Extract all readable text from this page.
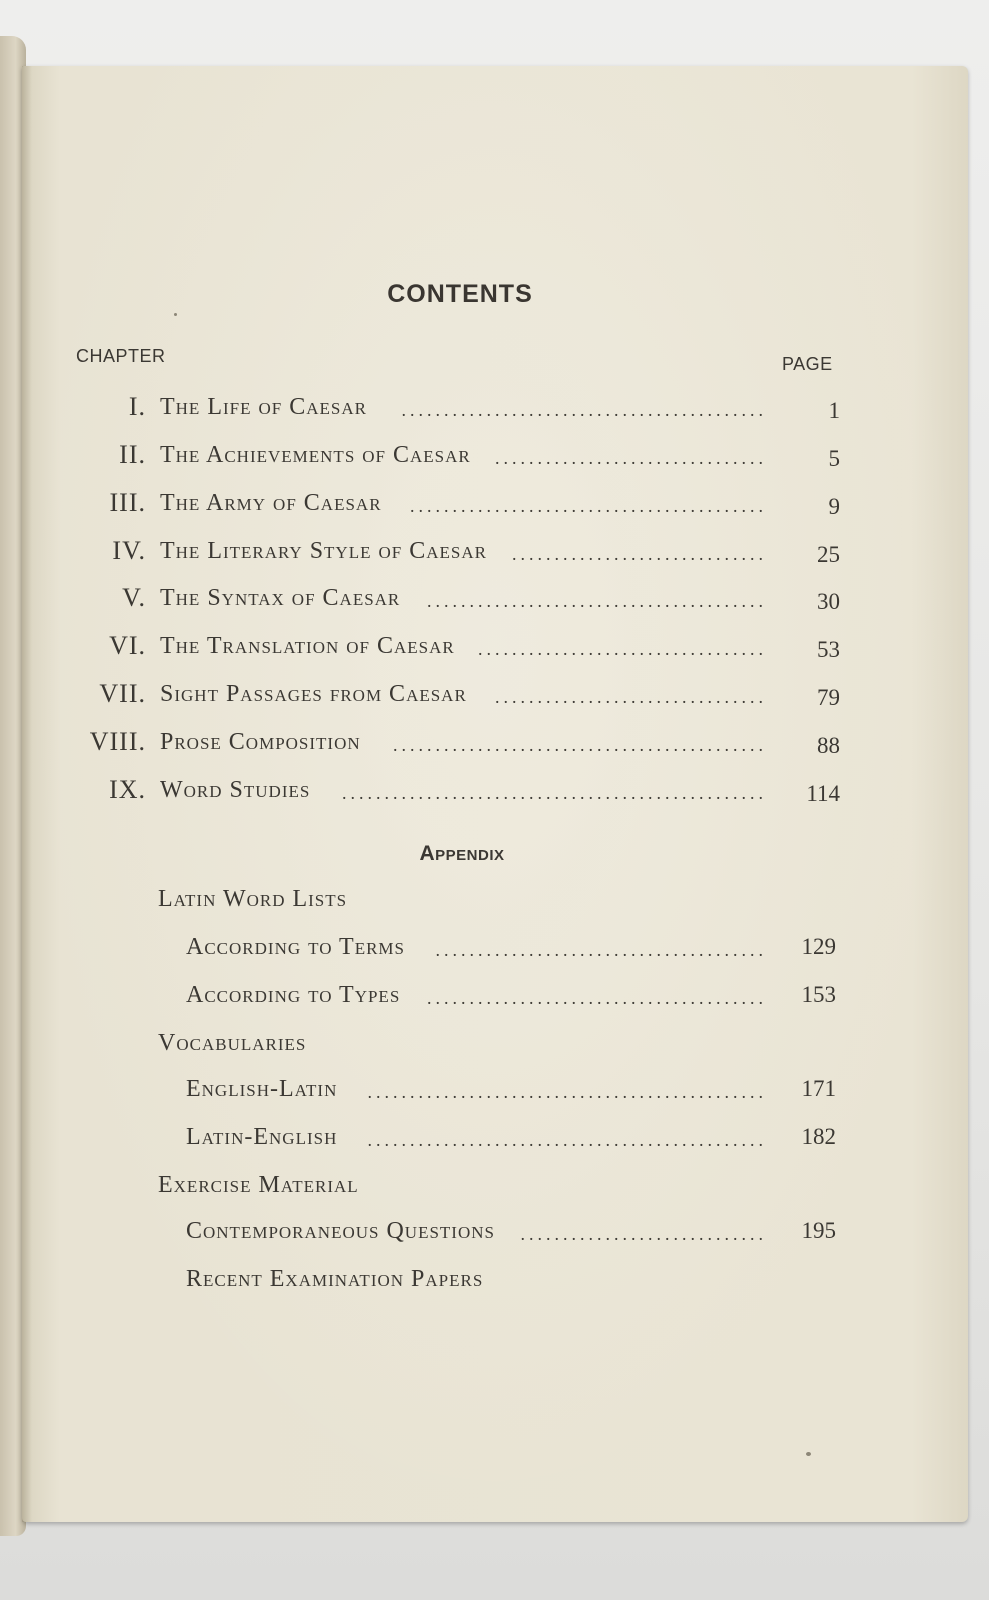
CONTENTS
CHAPTER	PAGE
I. The Life of Caesar	...........................................	1
II. The Achievements of Caesar	................................	5
III. The Army of Caesar	..........................................	9
IV. The Literary Style of Caesar	.............................. 25
V. The Syntax of Caesar	........................................ 30
VI. The Translation of Caesar	.................................. 53
VII. Sight Passages from Caesar	................................ 79
VIII. Prose Composition	............................................ 88
IX. Word Studies	.................................................. 114
Appendix
Latin Word Lists
According to Terms	....................................... 129
According to Types	........................................ 153
Vocabularies
English-Latin	............................................... 171
Latin-English	............................................... 182
Exercise Material
Contemporaneous Questions	............................. 195
Recent Examination Papers
